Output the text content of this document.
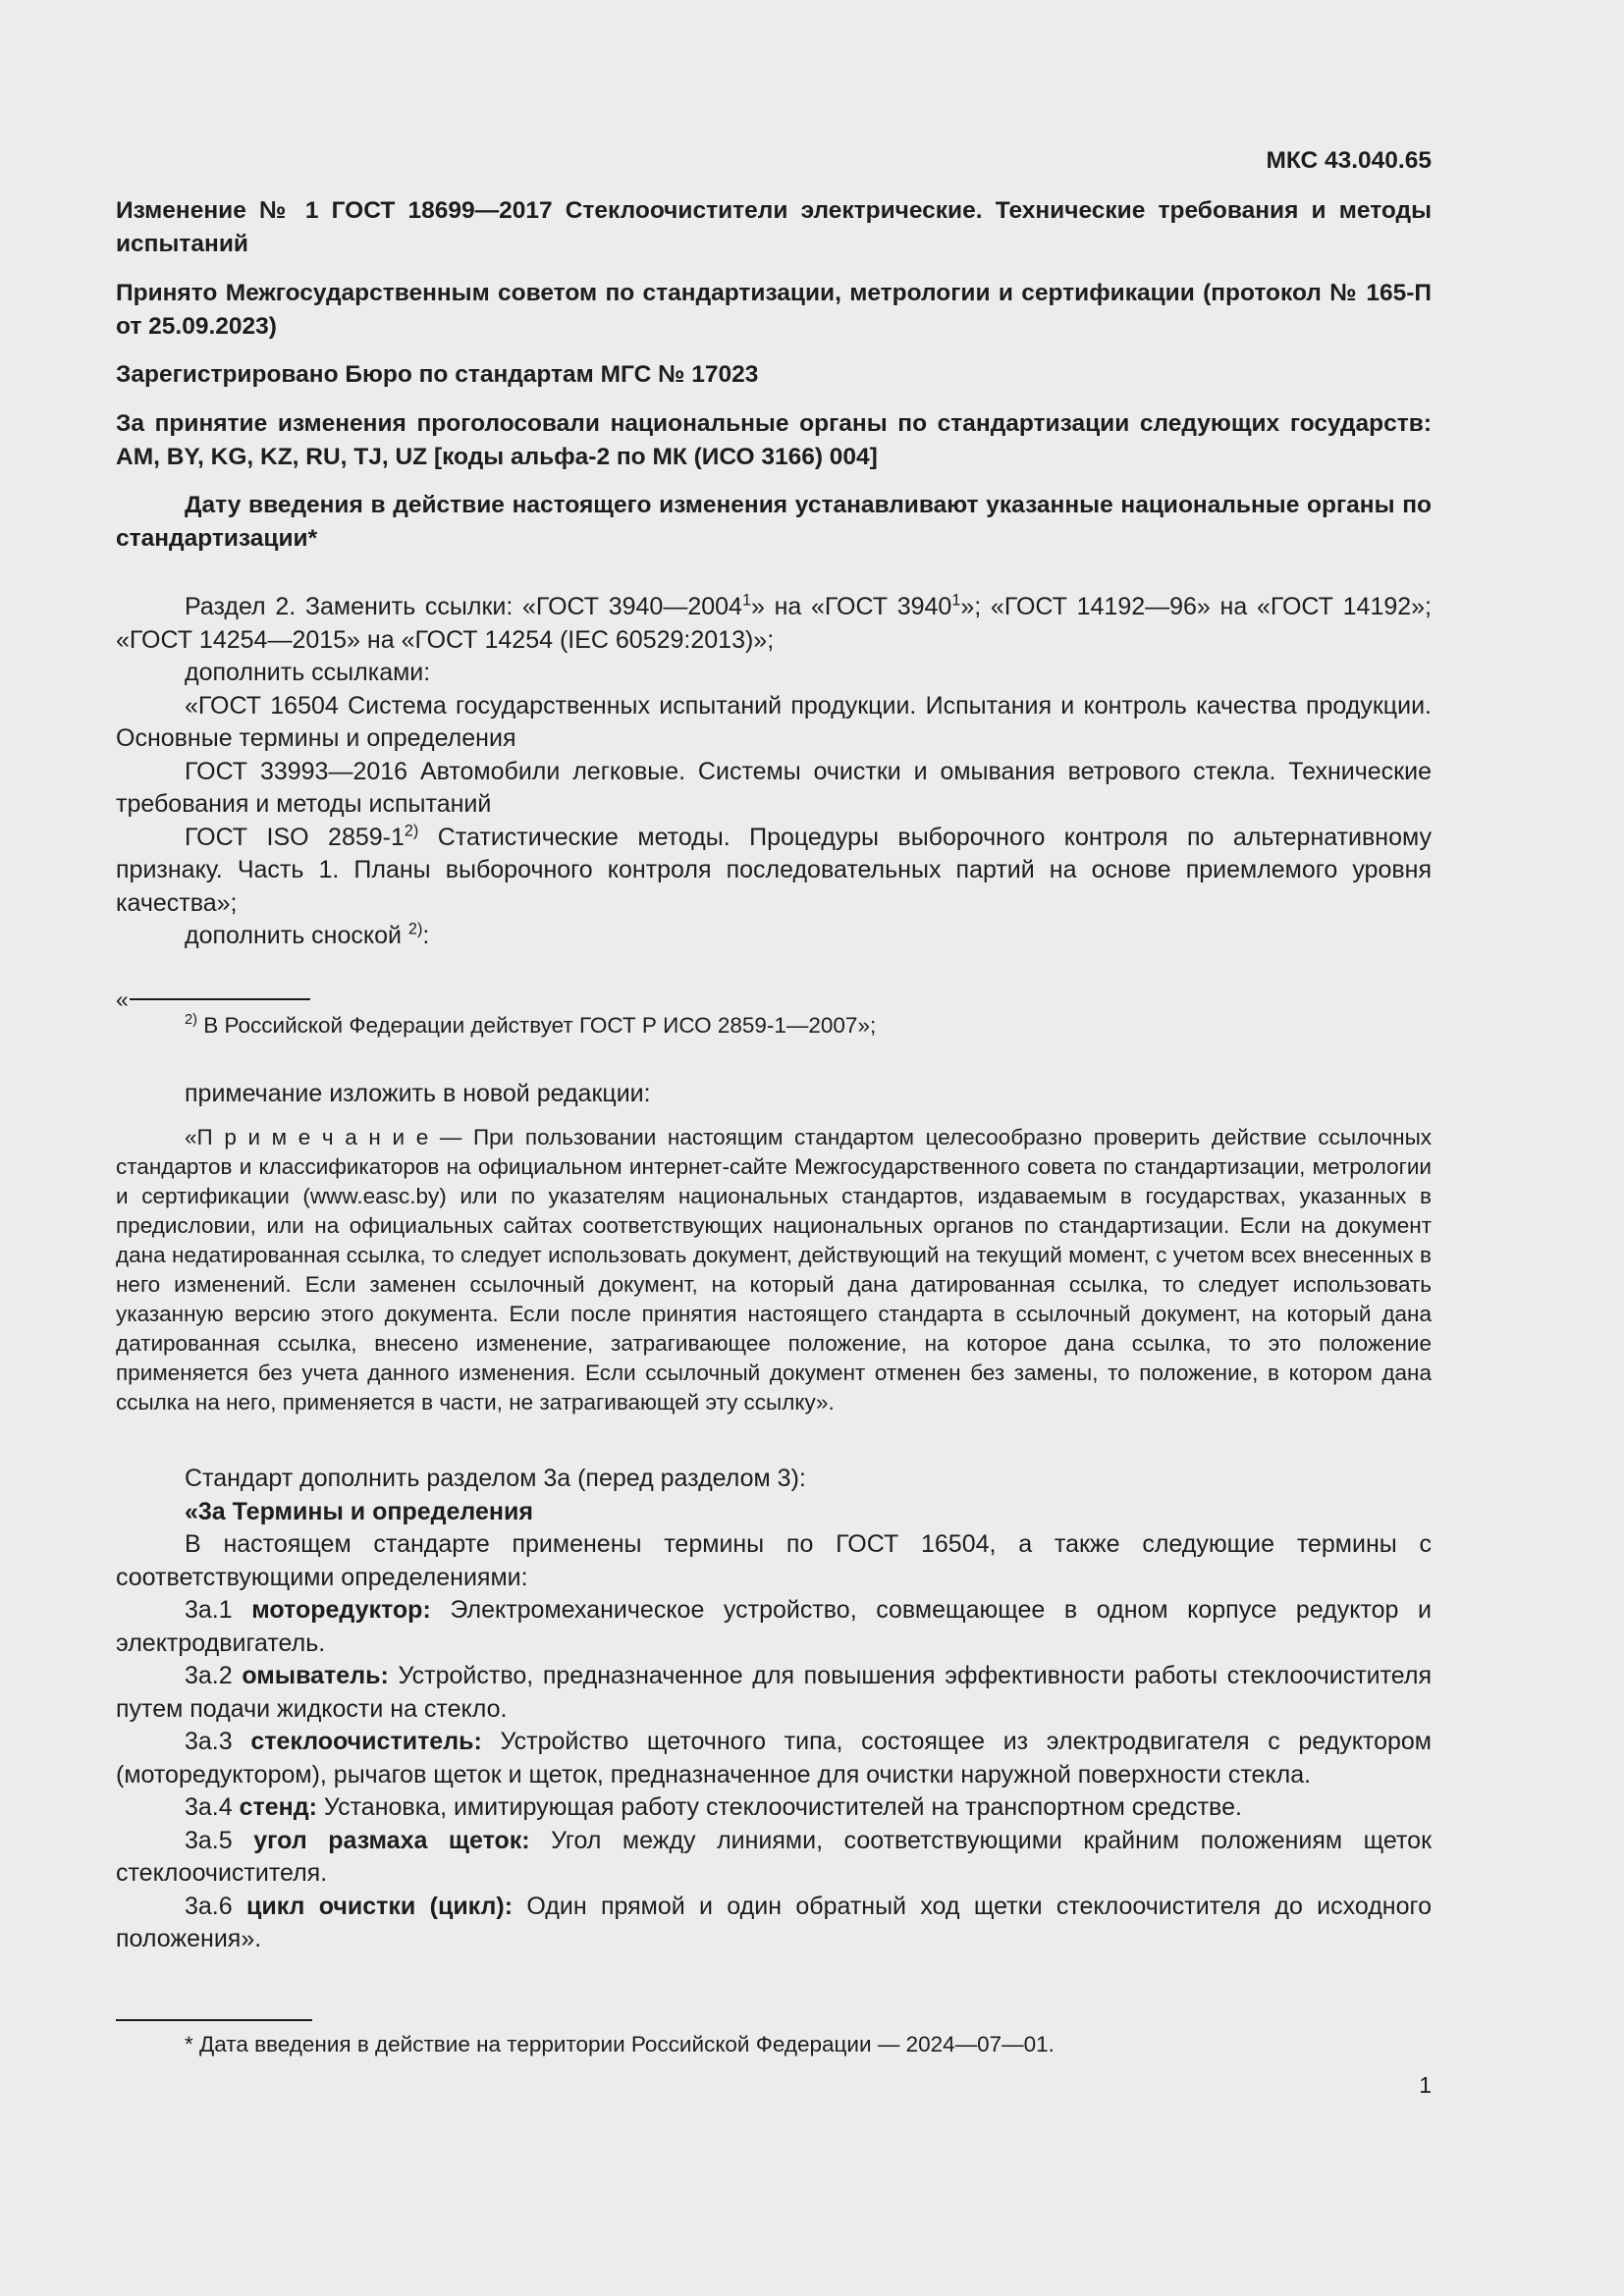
МКС 43.040.65
Изменение № 1 ГОСТ 18699—2017 Стеклоочистители электрические. Технические требования и методы испытаний
Принято Межгосударственным советом по стандартизации, метрологии и сертификации (протокол № 165-П от 25.09.2023)
Зарегистрировано Бюро по стандартам МГС № 17023
За принятие изменения проголосовали национальные органы по стандартизации следующих государств: AM, BY, KG, KZ, RU, TJ, UZ [коды альфа-2 по МК (ИСО 3166) 004]
Дату введения в действие настоящего изменения устанавливают указанные национальные органы по стандартизации*

Раздел 2. Заменить ссылки: «ГОСТ 3940—2004$^1$» на «ГОСТ 3940$^1$»; «ГОСТ 14192—96» на «ГОСТ 14192»; «ГОСТ 14254—2015» на «ГОСТ 14254 (IEC 60529:2013)»;

дополнить ссылками:

«ГОСТ 16504 Система государственных испытаний продукции. Испытания и контроль качества продукции. Основные термины и определения

ГОСТ 33993—2016 Автомобили легковые. Системы очистки и омывания ветрового стекла. Технические требования и методы испытаний

ГОСТ ISO 2859-1$^{2)}$ Статистические методы. Процедуры выборочного контроля по альтернативному признаку. Часть 1. Планы выборочного контроля последовательных партий на основе приемлемого уровня качества»;

дополнить сноской $^{2)}$:

«

$^{2)}$ В Российской Федерации действует ГОСТ Р ИСО 2859-1—2007»;

примечание изложить в новой редакции:

«П р и м е ч а н и е — При пользовании настоящим стандартом целесообразно проверить действие ссылочных стандартов и классификаторов на официальном интернет-сайте Межгосударственного совета по стандартизации, метрологии и сертификации (www.easc.by) или по указателям национальных стандартов, издаваемым в государствах, указанных в предисловии, или на официальных сайтах соответствующих национальных органов по стандартизации. Если на документ дана недатированная ссылка, то следует использовать документ, действующий на текущий момент, с учетом всех внесенных в него изменений. Если заменен ссылочный документ, на который дана датированная ссылка, то следует использовать указанную версию этого документа. Если после принятия настоящего стандарта в ссылочный документ, на который дана датированная ссылка, внесено изменение, затрагивающее положение, на которое дана ссылка, то это положение применяется без учета данного изменения. Если ссылочный документ отменен без замены, то положение, в котором дана ссылка на него, применяется в части, не затрагивающей эту ссылку».

Стандарт дополнить разделом 3а (перед разделом 3):

«3а Термины и определения

В настоящем стандарте применены термины по ГОСТ 16504, а также следующие термины с соответствующими определениями:

3а.1 моторедуктор: Электромеханическое устройство, совмещающее в одном корпусе редуктор и электродвигатель.

3а.2 омыватель: Устройство, предназначенное для повышения эффективности работы стеклоочистителя путем подачи жидкости на стекло.

3а.3 стеклоочиститель: Устройство щеточного типа, состоящее из электродвигателя с редуктором (моторедуктором), рычагов щеток и щеток, предназначенное для очистки наружной поверхности стекла.

3а.4 стенд: Установка, имитирующая работу стеклоочистителей на транспортном средстве.

3а.5 угол размаха щеток: Угол между линиями, соответствующими крайним положениям щеток стеклоочистителя.

3а.6 цикл очистки (цикл): Один прямой и один обратный ход щетки стеклоочистителя до исходного положения».

* Дата введения в действие на территории Российской Федерации — 2024—07—01.

1
